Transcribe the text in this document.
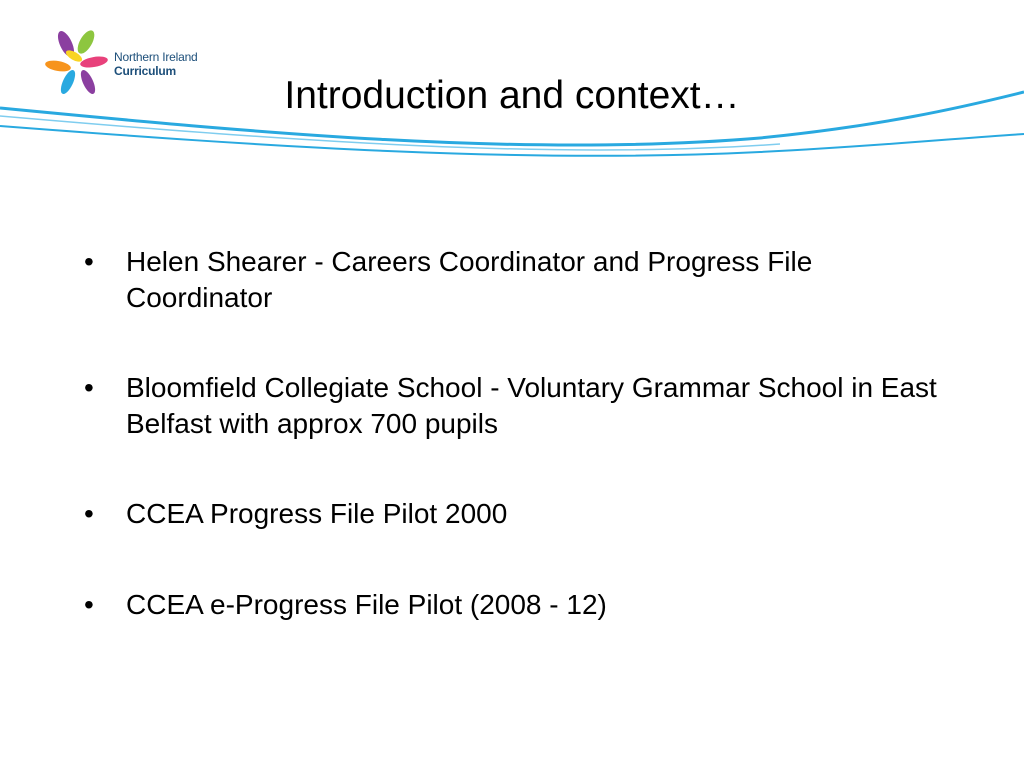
Northern Ireland
Curriculum
Introduction and context…
•	Helen Shearer - Careers Coordinator and Progress File Coordinator
•	Bloomfield Collegiate School - Voluntary Grammar School in East Belfast with approx 700 pupils
•	CCEA Progress File Pilot 2000
•	CCEA e-Progress File Pilot (2008 - 12)
